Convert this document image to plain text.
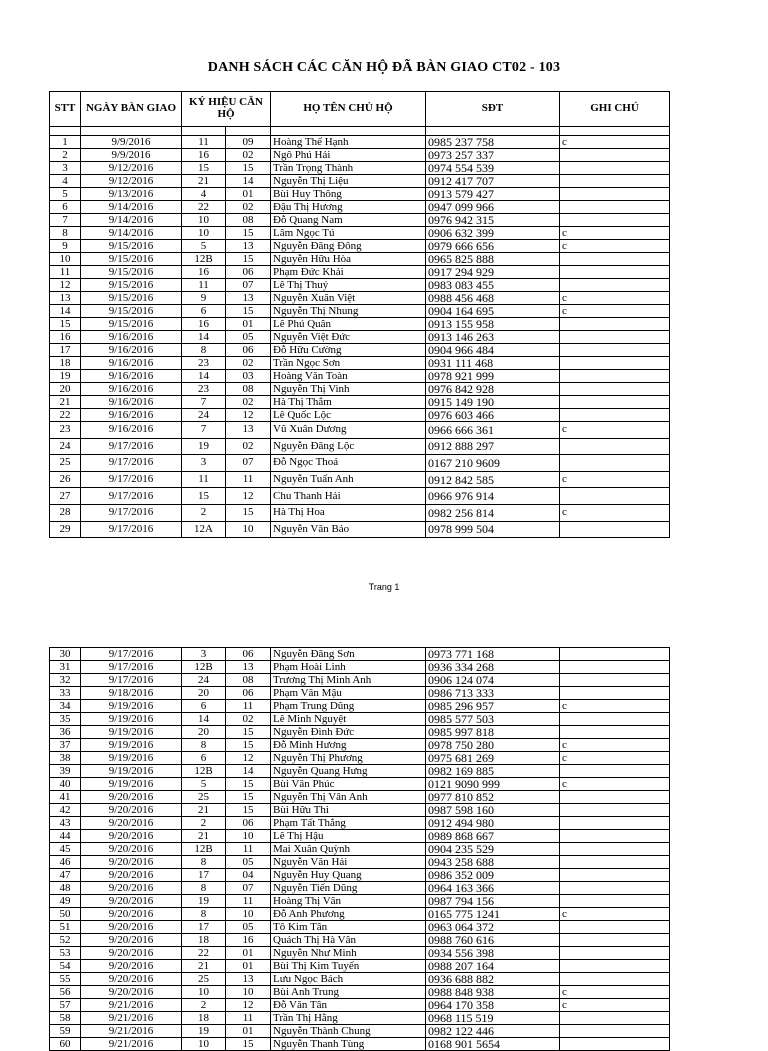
DANH SÁCH CÁC CĂN HỘ ĐÃ BÀN GIAO CT02 - 103
STT	NGÀY BÀN GIAO	KÝ HIỆU CĂN HỘ		HỌ TÊN CHỦ HỘ	SĐT	GHI CHÚ

1	9/9/2016	11	09	Hoàng Thế Hạnh	0985 237 758	c
2	9/9/2016	16	02	Ngô Phú Hải	0973 257 337	
3	9/12/2016	15	15	Trần Trọng Thành	0974 554 539	
4	9/12/2016	21	14	Nguyễn Thị Liệu	0912 417 707	
5	9/13/2016	4	01	Bùi Huy Thông	0913 579 427	
6	9/14/2016	22	02	Đậu Thị Hương	0947 099 966	
7	9/14/2016	10	08	Đỗ Quang Nam	0976 942 315	
8	9/14/2016	10	15	Lâm Ngọc Tú	0906 632 399	c
9	9/15/2016	5	13	Nguyễn Đăng Đông	0979 666 656	c
10	9/15/2016	12B	15	Nguyễn Hữu Hòa	0965 825 888	
11	9/15/2016	16	06	Phạm Đức Khải	0917 294 929	
12	9/15/2016	11	07	Lê Thị Thuý	0983 083 455	
13	9/15/2016	9	13	Nguyễn Xuân Việt	0988 456 468	c
14	9/15/2016	6	15	Nguyễn Thị Nhung	0904 164 695	c
15	9/15/2016	16	01	Lê Phú Quân	0913 155 958	
16	9/16/2016	14	05	Nguyễn Việt Đức	0913 146 263	
17	9/16/2016	8	06	Đỗ Hữu Cường	0904 966 484	
18	9/16/2016	23	02	Trần Ngọc Sơn	0931 111 468	
19	9/16/2016	14	03	Hoàng Văn Toàn	0978 921 999	
20	9/16/2016	23	08	Nguyễn Thị Vinh	0976 842 928	
21	9/16/2016	7	02	Hà Thị Thắm	0915 149 190	
22	9/16/2016	24	12	Lê Quốc Lộc	0976 603 466	
23	9/16/2016	7	13	Vũ Xuân Dương	0966 666 361	c
24	9/17/2016	19	02	Nguyễn Đăng Lộc	0912 888 297	
25	9/17/2016	3	07	Đỗ Ngọc Thoả	0167 210 9609	
26	9/17/2016	11	11	Nguyễn Tuấn Anh	0912 842 585	c
27	9/17/2016	15	12	Chu Thanh Hải	0966 976 914	
28	9/17/2016	2	15	Hà Thị Hoa	0982 256 814	c
29	9/17/2016	12A	10	Nguyễn Văn Bảo	0978 999 504	
Trang 1
30	9/17/2016	3	06	Nguyễn Đăng Sơn	0973 771 168	
31	9/17/2016	12B	13	Phạm Hoài Linh	0936 334 268	
32	9/17/2016	24	08	Trương Thị Minh Anh	0906 124 074	
33	9/18/2016	20	06	Phạm Văn Mậu	0986 713 333	
34	9/19/2016	6	11	Phạm Trung Dũng	0985 296 957	c
35	9/19/2016	14	02	Lê Minh Nguyệt	0985 577 503	
36	9/19/2016	20	15	Nguyễn Đình Đức	0985 997 818	
37	9/19/2016	8	15	Đỗ Minh Hương	0978 750 280	c
38	9/19/2016	6	12	Nguyễn Thị Phương	0975 681 269	c
39	9/19/2016	12B	14	Nguyễn Quang Hưng	0982 169 885	
40	9/19/2016	5	15	Bùi Văn Phúc	0121 9090 999	c
41	9/20/2016	25	15	Nguyễn Thị Vân Anh	0977 810 852	
42	9/20/2016	21	15	Bùi Hữu Thi	0987 598 160	
43	9/20/2016	2	06	Phạm Tất Thắng	0912 494 980	
44	9/20/2016	21	10	Lê Thị Hậu	0989 868 667	
45	9/20/2016	12B	11	Mai Xuân Quỳnh	0904 235 529	
46	9/20/2016	8	05	Nguyễn Văn Hải	0943 258 688	
47	9/20/2016	17	04	Nguyễn Huy Quang	0986 352 009	
48	9/20/2016	8	07	Nguyễn Tiến Dũng	0964 163 366	
49	9/20/2016	19	11	Hoàng Thị Vân	0987 794 156	
50	9/20/2016	8	10	Đỗ Anh Phương	0165 775 1241	c
51	9/20/2016	17	05	Tô Kim Tân	0963 064 372	
52	9/20/2016	18	16	Quách Thị Hà Vân	0988 760 616	
53	9/20/2016	22	01	Nguyễn Như Minh	0934 556 398	
54	9/20/2016	21	01	Bùi Thị Kim Tuyến	0988 207 164	
55	9/20/2016	25	13	Lưu Ngọc Bách	0936 688 882	
56	9/20/2016	10	10	Bùi Anh Trung	0988 848 938	c
57	9/21/2016	2	12	Đỗ Văn Tân	0964 170 358	c
58	9/21/2016	18	11	Trần Thị Hằng	0968 115 519	
59	9/21/2016	19	01	Nguyễn Thành Chung	0982 122 446	
60	9/21/2016	10	15	Nguyễn Thanh Tùng	0168 901 5654	
